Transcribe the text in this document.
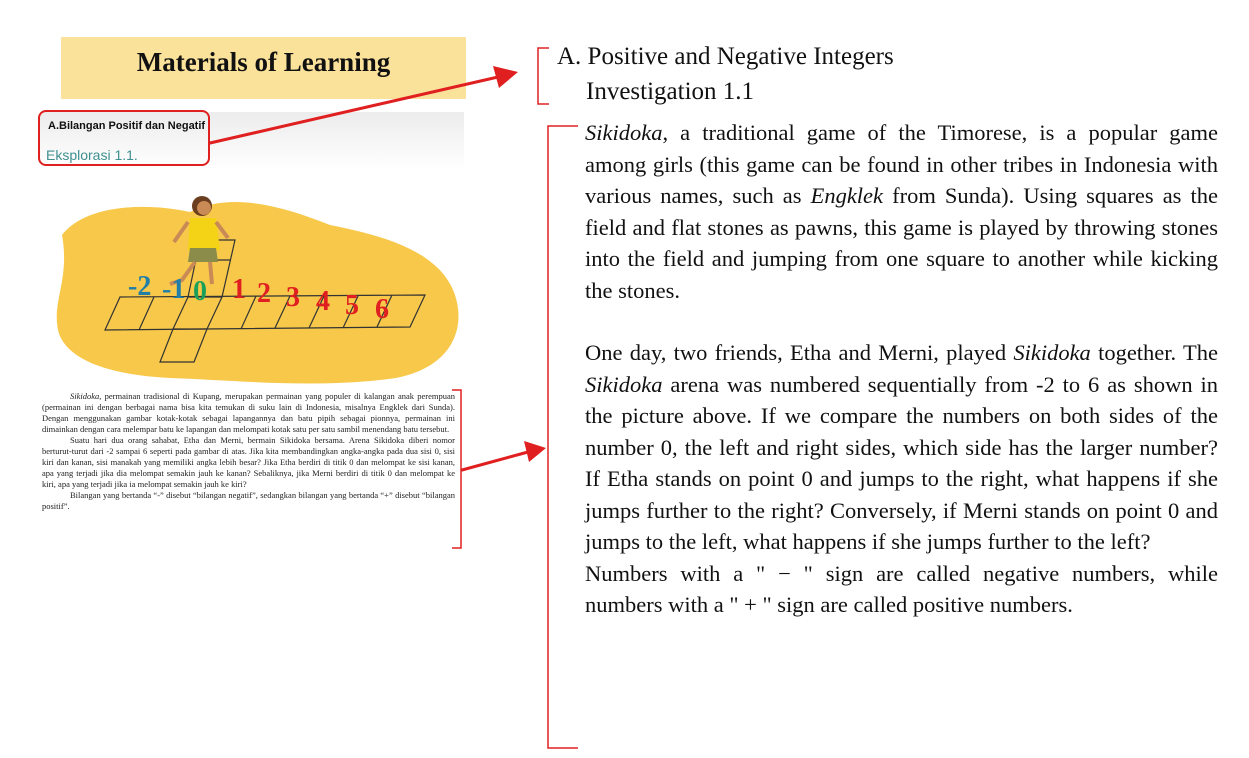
Materials of Learning
A.Bilangan Positif dan Negatif
Eksplorasi 1.1.
-2 -1 0 1 2 3 4 5 6

Sikidoka, permainan tradisional di Kupang, merupakan permainan yang populer di kalangan anak perempuan (permainan ini dengan berbagai nama bisa kita temukan di suku lain di Indonesia, misalnya Engklek dari Sunda). Dengan menggunakan gambar kotak-kotak sebagai lapangannya dan batu pipih sebagai pionnya, permainan ini dimainkan dengan cara melempar batu ke lapangan dan melompati kotak satu per satu sambil menendang batu tersebut.

Suatu hari dua orang sahabat, Etha dan Merni, bermain Sikidoka bersama. Arena Sikidoka diberi nomor berturut-turut dari -2 sampai 6 seperti pada gambar di atas. Jika kita membandingkan angka-angka pada dua sisi 0, sisi kiri dan kanan, sisi manakah yang memiliki angka lebih besar? Jika Etha berdiri di titik 0 dan melompat ke sisi kanan, apa yang terjadi jika dia melompat semakin jauh ke kanan? Sebaliknya, jika Merni berdiri di titik 0 dan melompat ke kiri, apa yang terjadi jika ia melompat semakin jauh ke kiri?

Bilangan yang bertanda “-” disebut “bilangan negatif”, sedangkan bilangan yang bertanda “+” disebut “bilangan positif”.

A. Positive and Negative Integers
Investigation 1.1

Sikidoka, a traditional game of the Timorese, is a popular game among girls (this game can be found in other tribes in Indonesia with various names, such as Engklek from Sunda). Using squares as the field and flat stones as pawns, this game is played by throwing stones into the field and jumping from one square to another while kicking the stones.

One day, two friends, Etha and Merni, played Sikidoka together. The Sikidoka arena was numbered sequentially from -2 to 6 as shown in the picture above. If we compare the numbers on both sides of the number 0, the left and right sides, which side has the larger number? If Etha stands on point 0 and jumps to the right, what happens if she jumps further to the right? Conversely, if Merni stands on point 0 and jumps to the left, what happens if she jumps further to the left?

Numbers with a " − " sign are called negative numbers, while numbers with a " + " sign are called positive numbers.
